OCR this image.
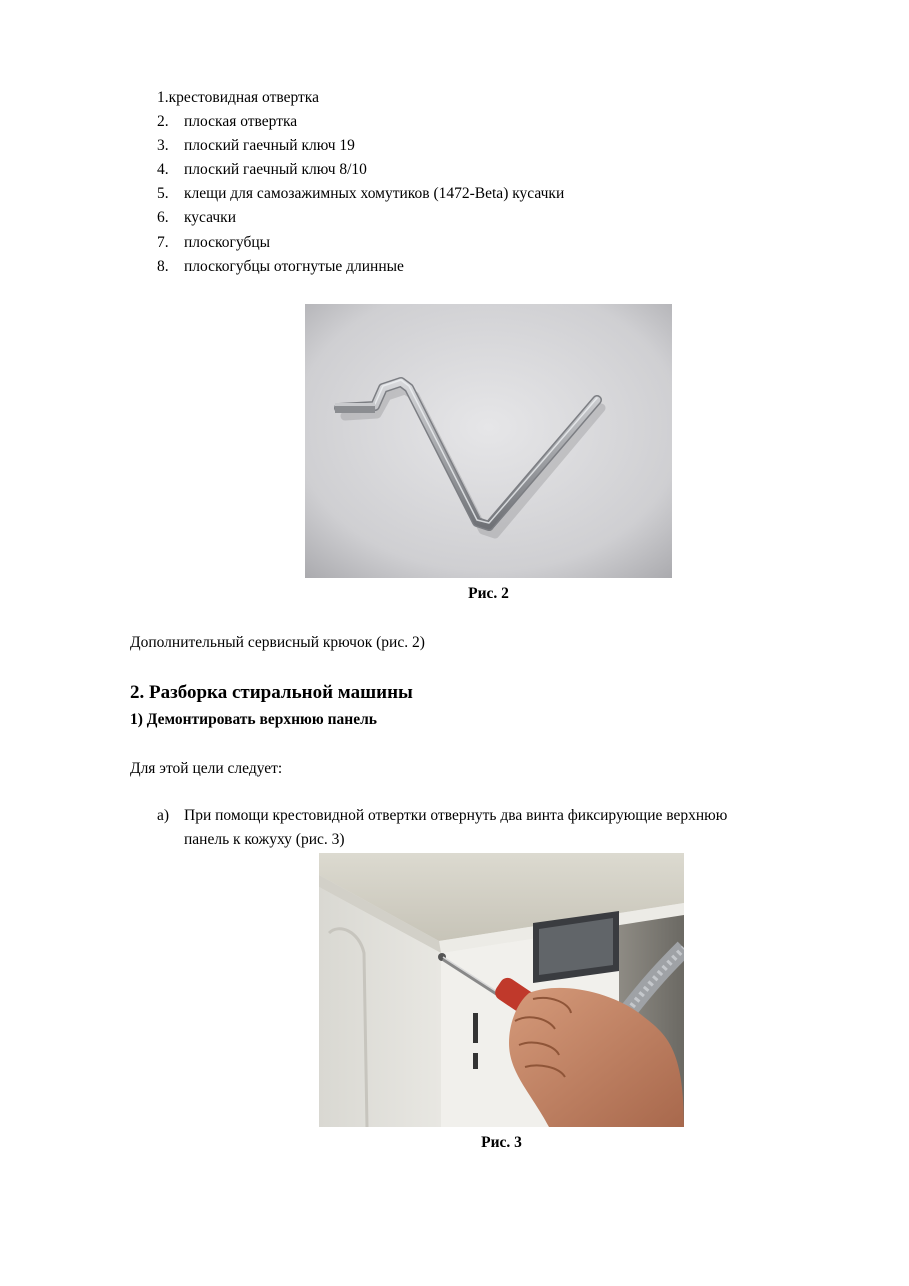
1.крестовидная отвертка
2. плоская отвертка
3. плоский гаечный ключ 19
4. плоский гаечный ключ 8/10
5. клещи для самозажимных хомутиков (1472-Beta) кусачки
6. кусачки
7. плоскогубцы
8. плоскогубцы отогнутые длинные
Рис. 2
Дополнительный сервисный крючок (рис. 2)
2. Разборка стиральной машины
1) Демонтировать верхнюю панель
Для этой цели следует:
a) При помощи крестовидной отвертки отвернуть два винта фиксирующие верхнюю
панель к кожуху (рис. 3)
Рис. 3
